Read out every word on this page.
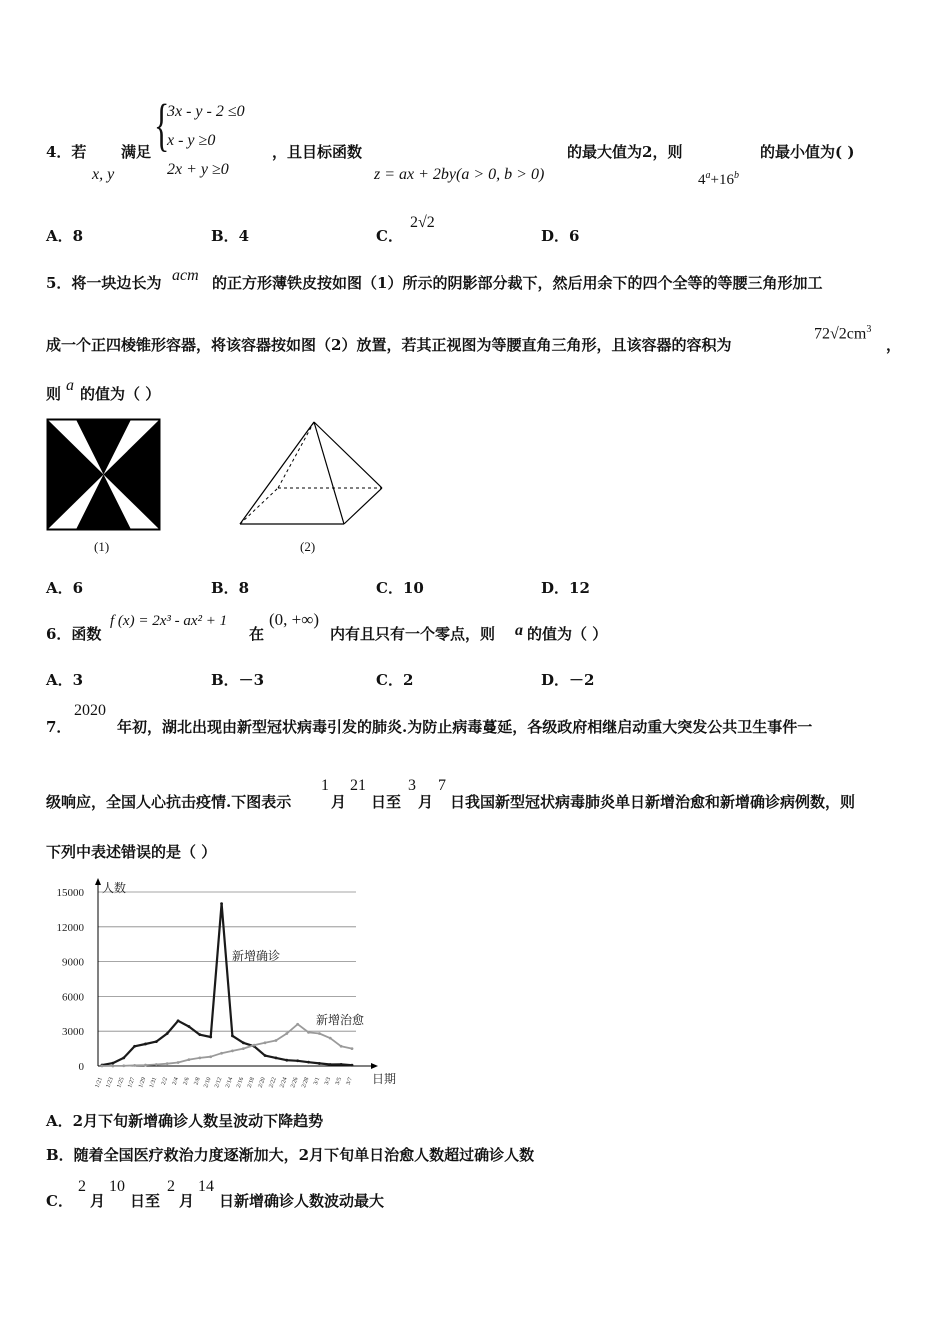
4．若
x, y
满足 {
3x - y - 2 ≤0
x - y ≥0
2x + y ≥0
，且目标函数
z = ax + 2by(a > 0, b > 0)
的最大值为2，则
$4^a+16^b$
的最小值为( )
A．8	B．4	C．
2√2
D．6
5．将一块边长为 acm 的正方形薄铁皮按如图（1）所示的阴影部分裁下，然后用余下的四个全等的等腰三角形加工
成一个正四棱锥形容器，将该容器按如图（2）放置，若其正视图为等腰直角三角形，且该容器的容积为
$72√2cm^3$
，
则 a 的值为（ ）
(1)	(2)
A．6	B．8	C．10	D．12
6．函数
f (x) = 2x³ - ax² + 1
在
(0, +∞)
内有且只有一个零点，则 a 的值为（ ）
A．3	B．－3	C．2	D．－2
7．
2020
年初，湖北出现由新型冠状病毒引发的肺炎.为防止病毒蔓延，各级政府相继启动重大突发公共卫生事件一
级响应，全国人心抗击疫情.下图表示
1
月
21
日至
3
月
7
日我国新型冠状病毒肺炎单日新增治愈和新增确诊病例数，则
下列中表述错误的是（ ）
15000
12000
9000
6000
3000
0
人数
日期
1/21 1/23 1/25 1/27 1/29 1/31 2/2 2/4 2/6 2/8 2/10 2/12 2/14 2/16 2/18 2/20 2/22 2/24 2/26 2/28 3/1 3/3 3/5 3/7
新增确诊
新增治愈
A．2月下旬新增确诊人数呈波动下降趋势
B．随着全国医疗救治力度逐渐加大，2月下旬单日治愈人数超过确诊人数
C．
2
月
10
日至
2
月
14
日新增确诊人数波动最大
